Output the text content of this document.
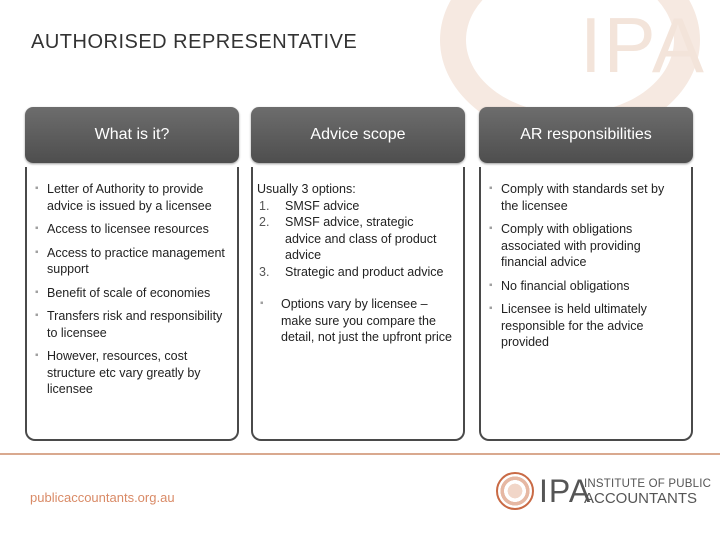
IPA
AUTHORISED REPRESENTATIVE
What is it?
▪ Letter of Authority to provide advice is issued by a licensee
▪ Access to licensee resources
▪ Access to practice management support
▪ Benefit of scale of economies
▪ Transfers risk and responsibility to licensee
▪ However, resources, cost structure etc vary greatly by licensee
Advice scope
Usually 3 options:
1. SMSF advice
2. SMSF advice, strategic advice and class of product advice
3. Strategic and product advice
▪ Options vary by licensee – make sure you compare the detail, not just the upfront price
AR responsibilities
▪ Comply with standards set by the licensee
▪ Comply with obligations associated with providing financial advice
▪ No financial obligations
▪ Licensee is held ultimately responsible for the advice provided
publicaccountants.org.au	IPA
INSTITUTE OF PUBLIC
ACCOUNTANTS
